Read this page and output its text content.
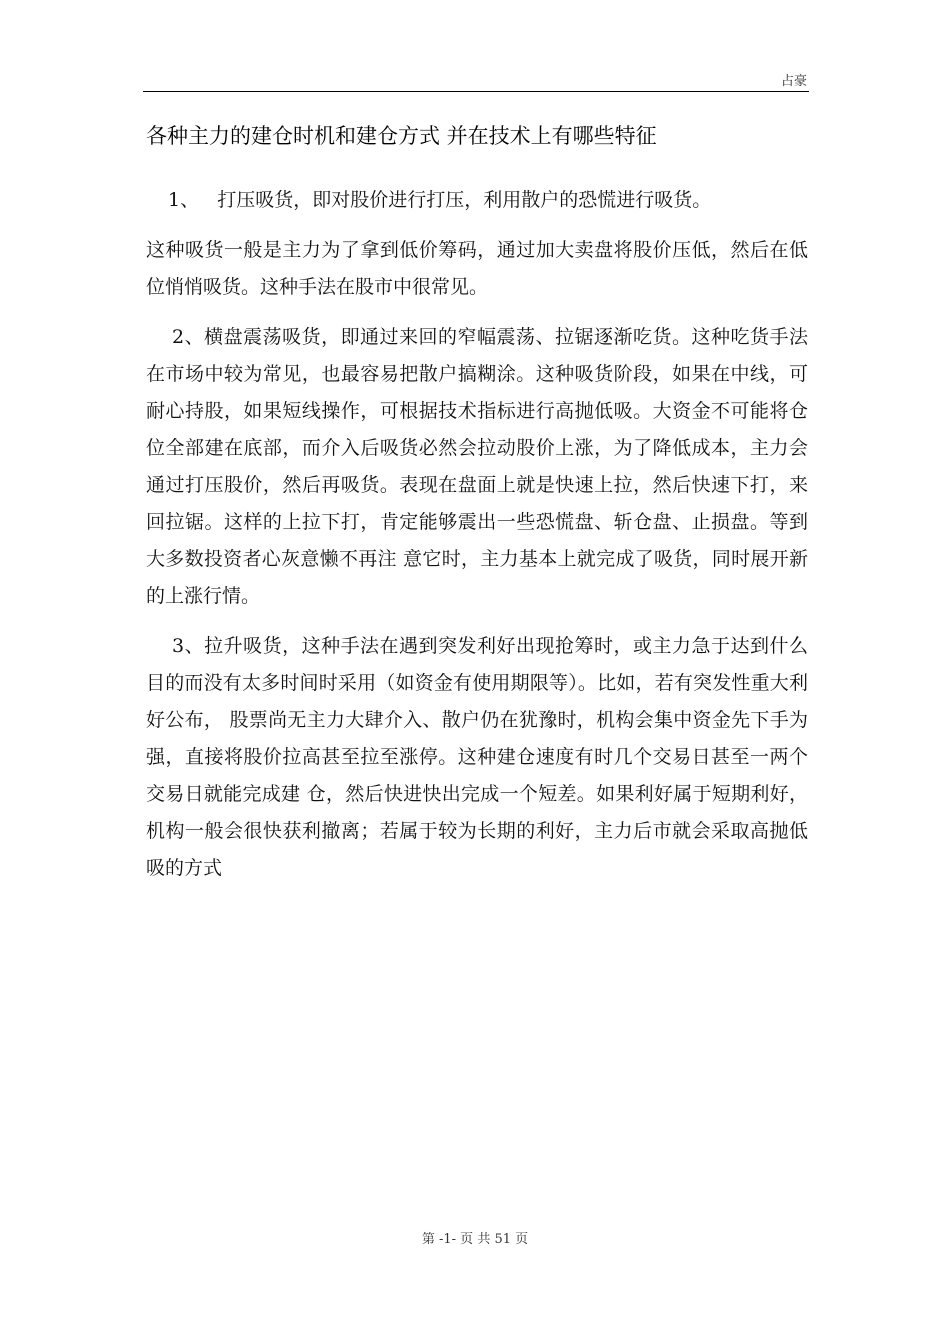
占豪
各种主力的建仓时机和建仓方式 并在技术上有哪些特征

1、   打压吸货，即对股价进行打压，利用散户的恐慌进行吸货。

这种吸货一般是主力为了拿到低价筹码，通过加大卖盘将股价压低，然后在低位悄悄吸货。这种手法在股市中很常见。

2、横盘震荡吸货，即通过来回的窄幅震荡、拉锯逐渐吃货。这种吃货手法在市场中较为常见，也最容易把散户搞糊涂。这种吸货阶段，如果在中线，可耐心持股，如果短线操作，可根据技术指标进行高抛低吸。大资金不可能将仓位全部建在底部，而介入后吸货必然会拉动股价上涨，为了降低成本，主力会通过打压股价，然后再吸货。表现在盘面上就是快速上拉，然后快速下打，来回拉锯。这样的上拉下打，肯定能够震出一些恐慌盘、斩仓盘、止损盘。等到大多数投资者心灰意懒不再注 意它时，主力基本上就完成了吸货，同时展开新的上涨行情。

3、拉升吸货，这种手法在遇到突发利好出现抢筹时，或主力急于达到什么目的而没有太多时间时采用（如资金有使用期限等）。比如，若有突发性重大利好公布， 股票尚无主力大肆介入、散户仍在犹豫时，机构会集中资金先下手为强，直接将股价拉高甚至拉至涨停。这种建仓速度有时几个交易日甚至一两个交易日就能完成建 仓，然后快进快出完成一个短差。如果利好属于短期利好，机构一般会很快获利撤离；若属于较为长期的利好，主力后市就会采取高抛低吸的方式

第 -1- 页 共 51 页
